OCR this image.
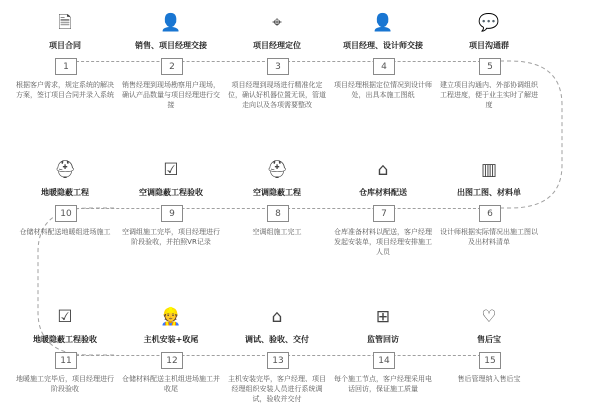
🗎
项目合同
1
根据客户需求，规定系统的解决方案，签订项目合同并录入系统
👤
销售、项目经理交接
2
销售经理到现场勘察用户现场，确认产品数量与项目经理进行交接
⌖
项目经理定位
3
项目经理到现场进行精准化定位，确认好机器位置无误，管道走向以及各项需要整改
👤
项目经理、设计师交接
4
项目经理根据定位情况到设计师处，出具本施工图纸
💬
项目沟通群
5
建立项目沟通内、外部协调组织工程进度，便于业主实时了解进度
▥
出图工图、材料单
6
设计师根据实际情况出施工图以及出材料清单
⌂
仓库材料配送
7
仓库准备材料以配送，客户经理发起安装单，项目经理安排施工人员
⛑
空调隐蔽工程
8
空调组施工完工
☑
空调隐蔽工程验收
9
空调组施工完毕，项目经理进行阶段验收，并拍照VR记录
⛑
地暖隐蔽工程
10
仓储材料配送地暖组进场施工
☑
地暖隐蔽工程验收
11
地暖施工完毕后，项目经理进行阶段验收
👷
主机安装+收尾
12
仓储材料配送主机组进场施工并收尾
⌂
调试、验收、交付
13
主机安装完毕，客户经理、项目经理组织安装人员进行系统调试，验收并交付
⊞
监管回访
14
每个施工节点，客户经理采用电话回访，保证施工质量
♡
售后宝
15
售后管理纳入售后宝
